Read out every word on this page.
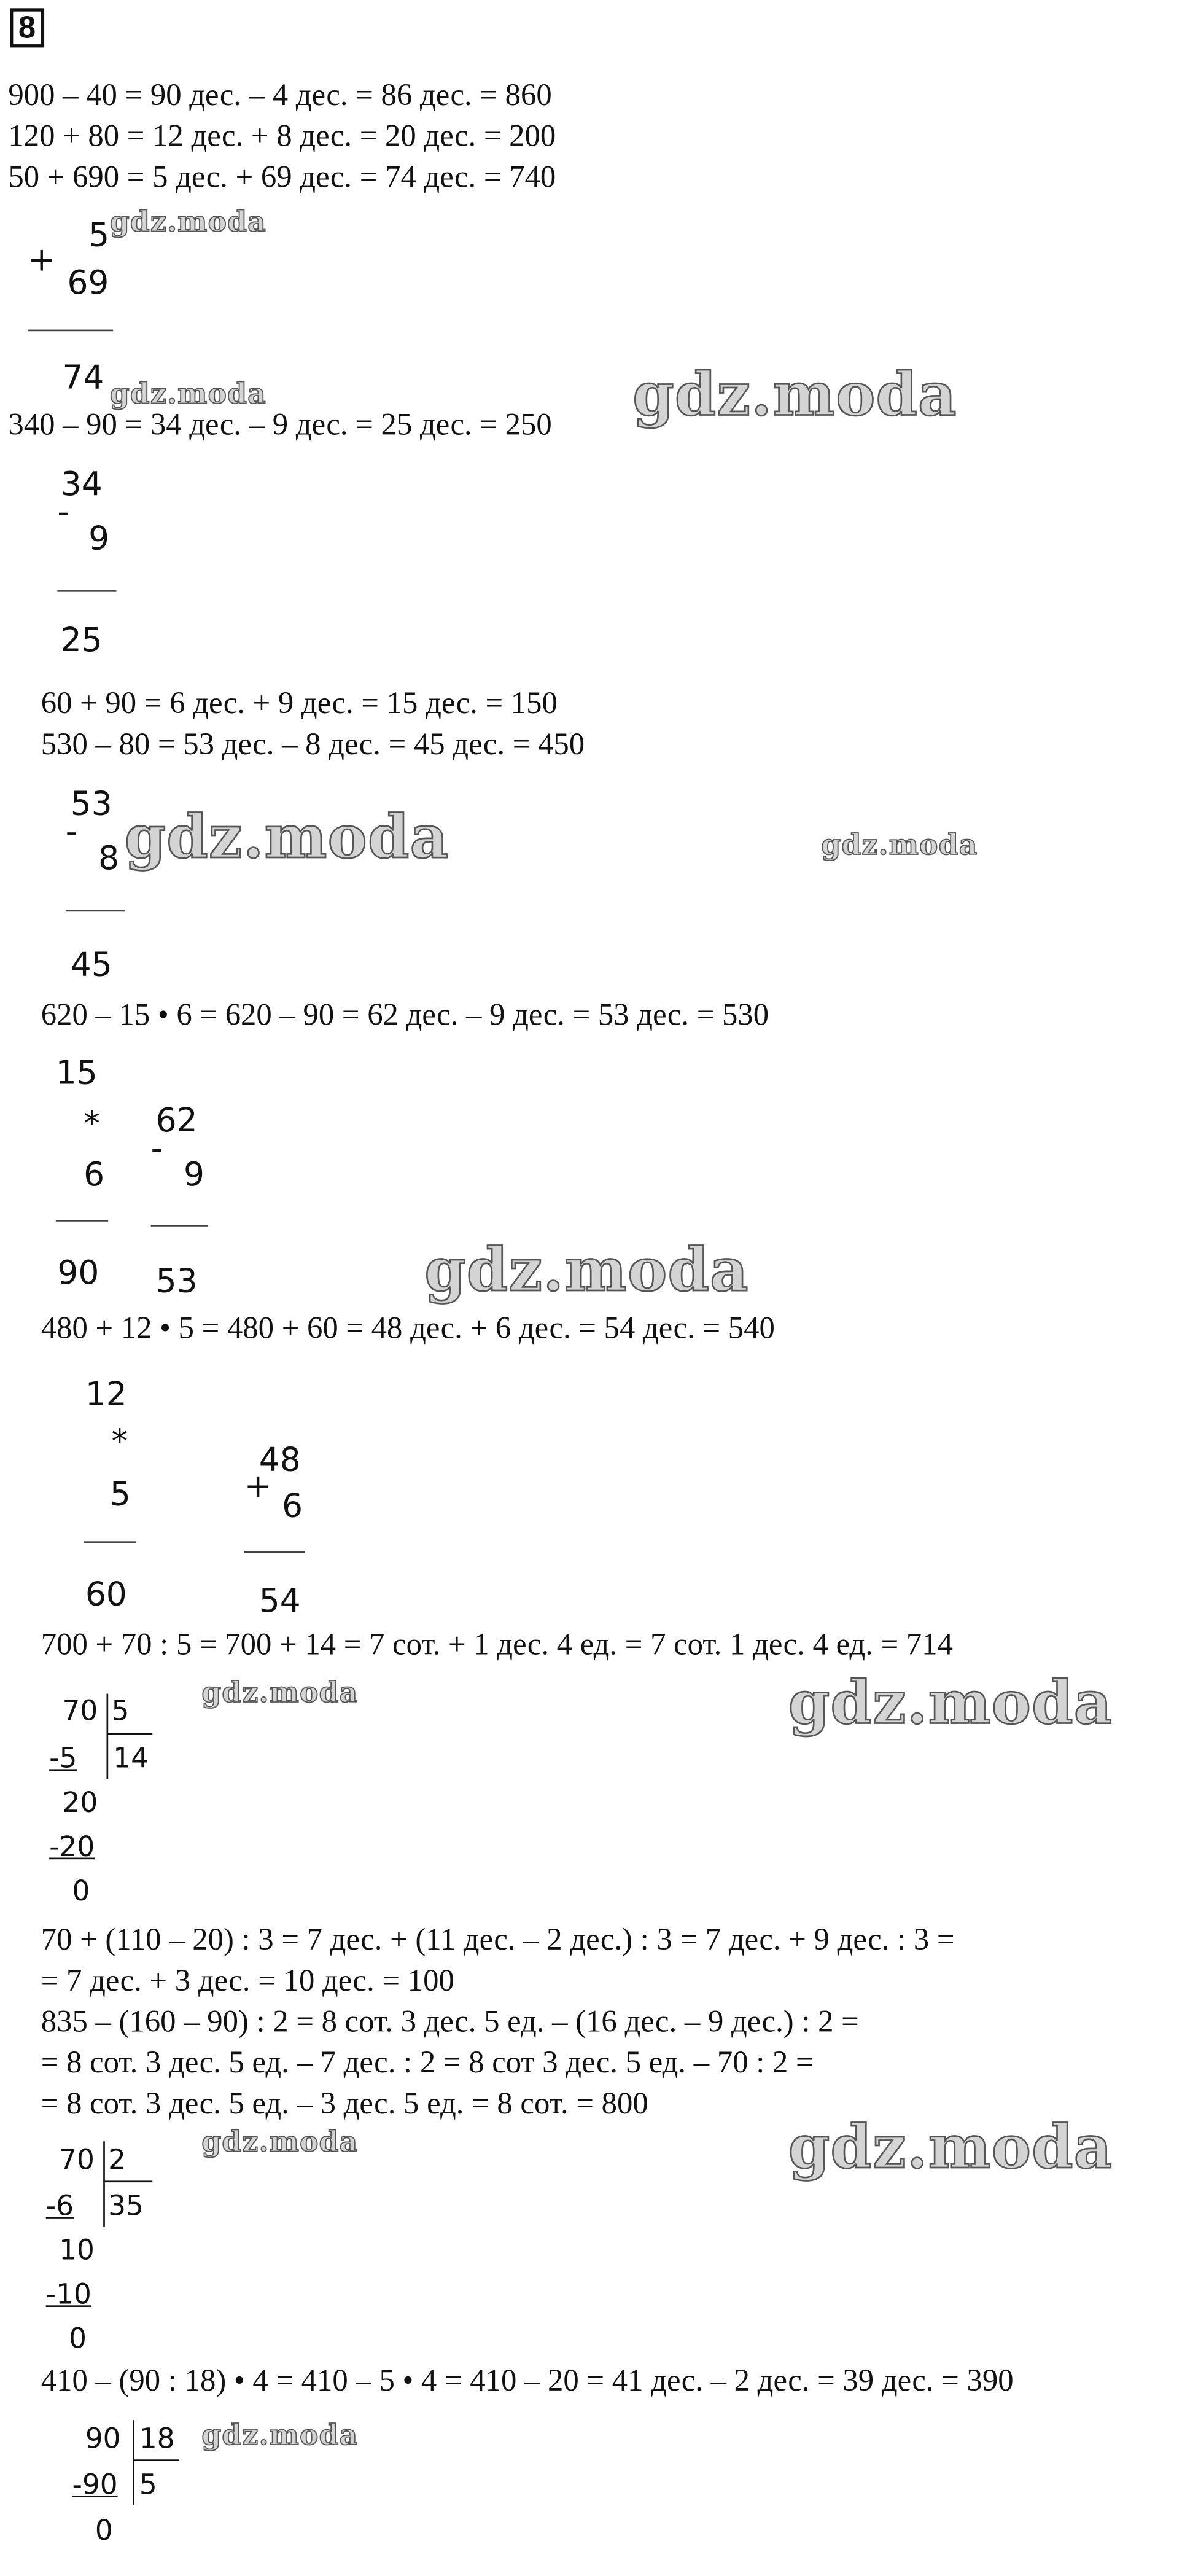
8
900 – 40 = 90 дес. – 4 дес. = 86 дес. = 860
120 + 80 = 12 дес. + 8 дес. = 20 дес. = 200
50 + 690 = 5 дес. + 69 дес. = 74 дес. = 740
+
5
69
74
gdz.moda
gdz.moda
340 – 90 = 34 дес. – 9 дес. = 25 дес. = 250	gdz.moda
34
-
9
25
60 + 90 = 6 дес. + 9 дес. = 15 дес. = 150
530 – 80 = 53 дес. – 8 дес. = 45 дес. = 450
53
-
8
45
gdz.moda	gdz.moda
620 – 15 • 6 = 620 – 90 = 62 дес. – 9 дес. = 53 дес. = 530
15
*
6
90
62
-
9
53	gdz.moda
480 + 12 • 5 = 480 + 60 = 48 дес. + 6 дес. = 54 дес. = 540
12
*
5
60
48
+ 6
54
700 + 70 : 5 = 700 + 14 = 7 сот. + 1 дес. 4 ед. = 7 сот. 1 дес. 4 ед. = 714
70 5
-5	14
20
-20
0
gdz.moda	gdz.moda
70 + (110 – 20) : 3 = 7 дес. + (11 дес. – 2 дес.) : 3 = 7 дес. + 9 дес. : 3 =
= 7 дес. + 3 дес. = 10 дес. = 100
835 – (160 – 90) : 2 = 8 сот. 3 дес. 5 ед. – (16 дес. – 9 дес.) : 2 =
= 8 сот. 3 дес. 5 ед. – 7 дес. : 2 = 8 сот 3 дес. 5 ед. – 70 : 2 =
= 8 сот. 3 дес. 5 ед. – 3 дес. 5 ед. = 8 сот. = 800
70 2
-6	35
10
-10
0
gdz.moda	gdz.moda
410 – (90 : 18) • 4 = 410 – 5 • 4 = 410 – 20 = 41 дес. – 2 дес. = 39 дес. = 390
90 18
-90 5
0
gdz.moda
